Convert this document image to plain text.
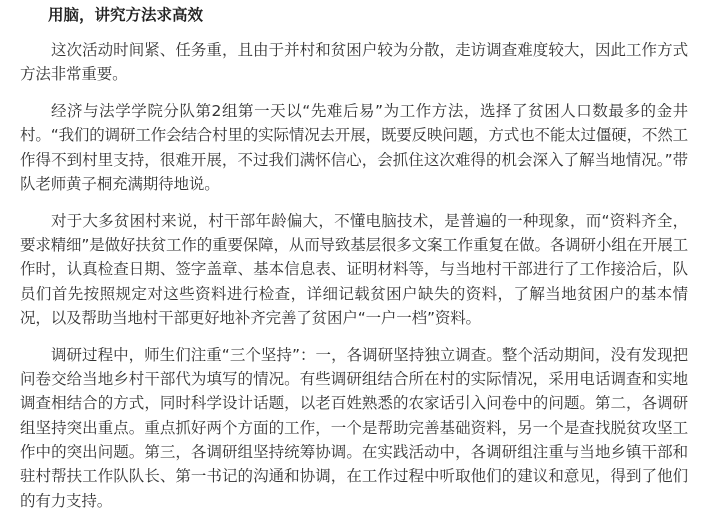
用脑，讲究方法求高效

这次活动时间紧、任务重，且由于并村和贫困户较为分散，走访调查难度较大，因此工作方式方法非常重要。

经济与法学学院分队第2组第一天以“先难后易”为工作方法，选择了贫困人口数最多的金井村。“我们的调研工作会结合村里的实际情况去开展，既要反映问题，方式也不能太过僵硬，不然工作得不到村里支持，很难开展，不过我们满怀信心，会抓住这次难得的机会深入了解当地情况。”带队老师黄子桐充满期待地说。

对于大多贫困村来说，村干部年龄偏大，不懂电脑技术，是普遍的一种现象，而“资料齐全，要求精细”是做好扶贫工作的重要保障，从而导致基层很多文案工作重复在做。各调研小组在开展工作时，认真检查日期、签字盖章、基本信息表、证明材料等，与当地村干部进行了工作接洽后，队员们首先按照规定对这些资料进行检查，详细记载贫困户缺失的资料，了解当地贫困户的基本情况，以及帮助当地村干部更好地补齐完善了贫困户“一户一档”资料。

调研过程中，师生们注重“三个坚持”：一，各调研坚持独立调查。整个活动期间，没有发现把问卷交给当地乡村干部代为填写的情况。有些调研组结合所在村的实际情况，采用电话调查和实地调查相结合的方式，同时科学设计话题，以老百姓熟悉的农家话引入问卷中的问题。第二，各调研组坚持突出重点。重点抓好两个方面的工作，一个是帮助完善基础资料，另一个是查找脱贫攻坚工作中的突出问题。第三，各调研组坚持统筹协调。在实践活动中，各调研组注重与当地乡镇干部和驻村帮扶工作队队长、第一书记的沟通和协调，在工作过程中听取他们的建议和意见，得到了他们的有力支持。
